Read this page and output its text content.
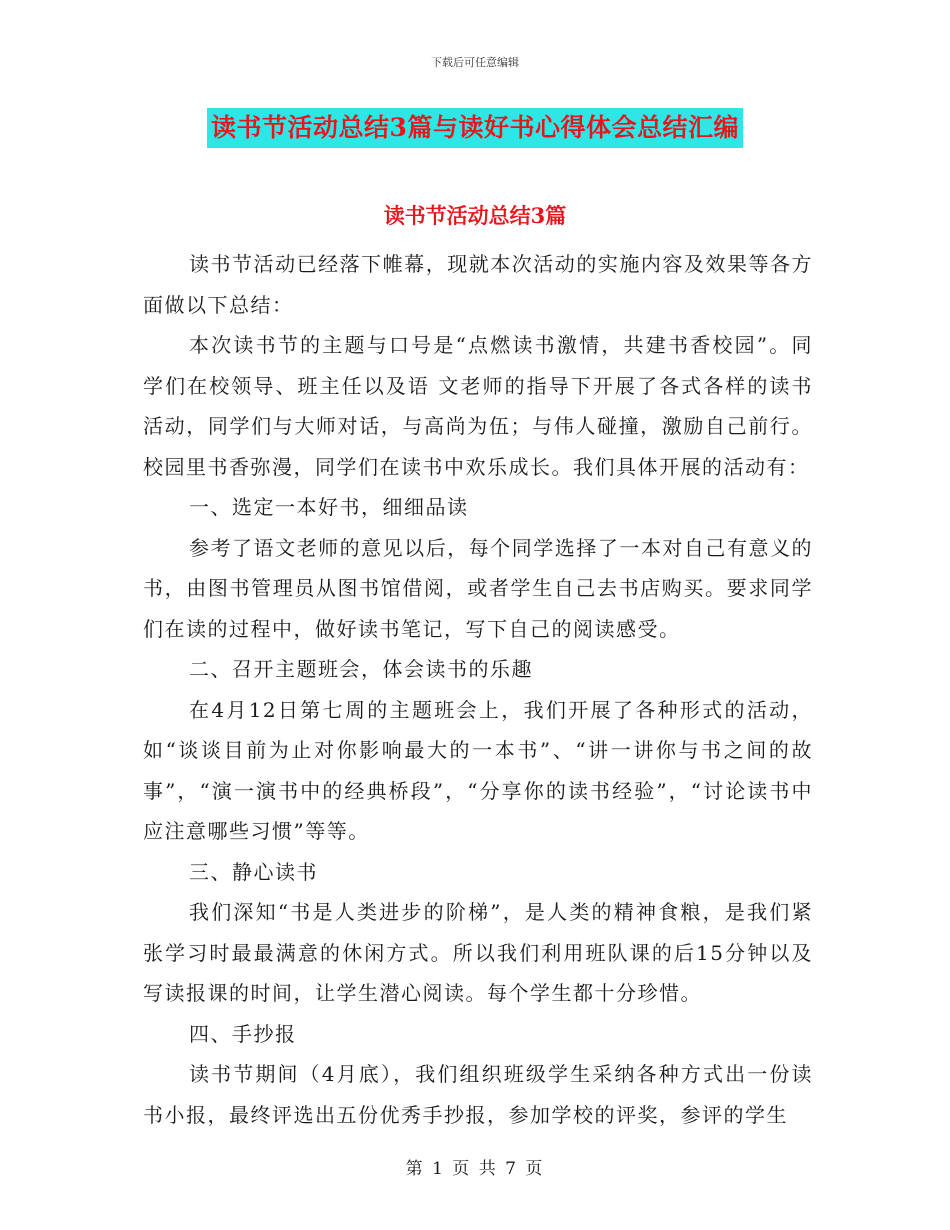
下载后可任意编辑
读书节活动总结3篇与读好书心得体会总结汇编
读书节活动总结3篇

读书节活动已经落下帷幕，现就本次活动的实施内容及效果等各方面做以下总结：

本次读书节的主题与口号是“点燃读书激情，共建书香校园”。同学们在校领导、班主任以及语 文老师的指导下开展了各式各样的读书活动，同学们与大师对话，与高尚为伍；与伟人碰撞，激励自己前行。校园里书香弥漫，同学们在读书中欢乐成长。我们具体开展的活动有：

一、选定一本好书，细细品读

参考了语文老师的意见以后，每个同学选择了一本对自己有意义的书，由图书管理员从图书馆借阅，或者学生自己去书店购买。要求同学们在读的过程中，做好读书笔记，写下自己的阅读感受。

二、召开主题班会，体会读书的乐趣

在4月12日第七周的主题班会上，我们开展了各种形式的活动，如“谈谈目前为止对你影响最大的一本书”、“讲一讲你与书之间的故事”，“演一演书中的经典桥段”，“分享你的读书经验”，“讨论读书中应注意哪些习惯”等等。

三、静心读书

我们深知“书是人类进步的阶梯”，是人类的精神食粮，是我们紧张学习时最最满意的休闲方式。所以我们利用班队课的后15分钟以及写读报课的时间，让学生潜心阅读。每个学生都十分珍惜。

四、手抄报

读书节期间（4月底），我们组织班级学生采纳各种方式出一份读书小报，最终评选出五份优秀手抄报，参加学校的评奖，参评的学生

第 1 页 共 7 页
